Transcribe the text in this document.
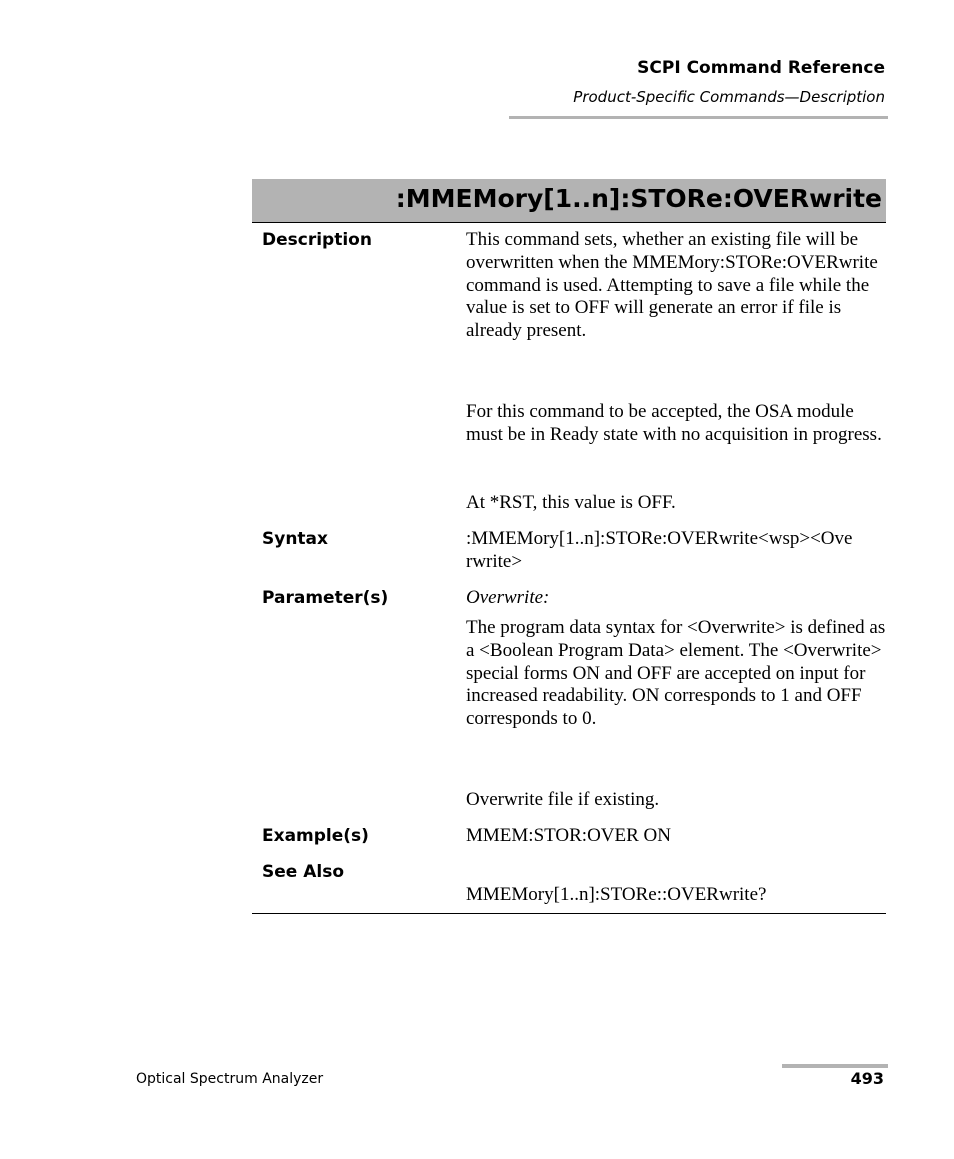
SCPI Command Reference
Product-Specific Commands—Description
:MMEMory[1..n]:STORe:OVERwrite
Description	This command sets, whether an existing file will be overwritten when the MMEMory:STORe:OVERwrite command is used. Attempting to save a file while the value is set to OFF will generate an error if file is already present.
For this command to be accepted, the OSA module must be in Ready state with no acquisition in progress.
At *RST, this value is OFF.
Syntax	:MMEMory[1..n]:STORe:OVERwrite<wsp><Ove
rwrite>
Parameter(s)	Overwrite:
The program data syntax for <Overwrite> is defined as a <Boolean Program Data> element. The <Overwrite> special forms ON and OFF are accepted on input for increased readability. ON corresponds to 1 and OFF corresponds to 0.
Overwrite file if existing.
Example(s)	MMEM:STOR:OVER ON
See Also
MMEMory[1..n]:STORe::OVERwrite?
Optical Spectrum Analyzer	493
